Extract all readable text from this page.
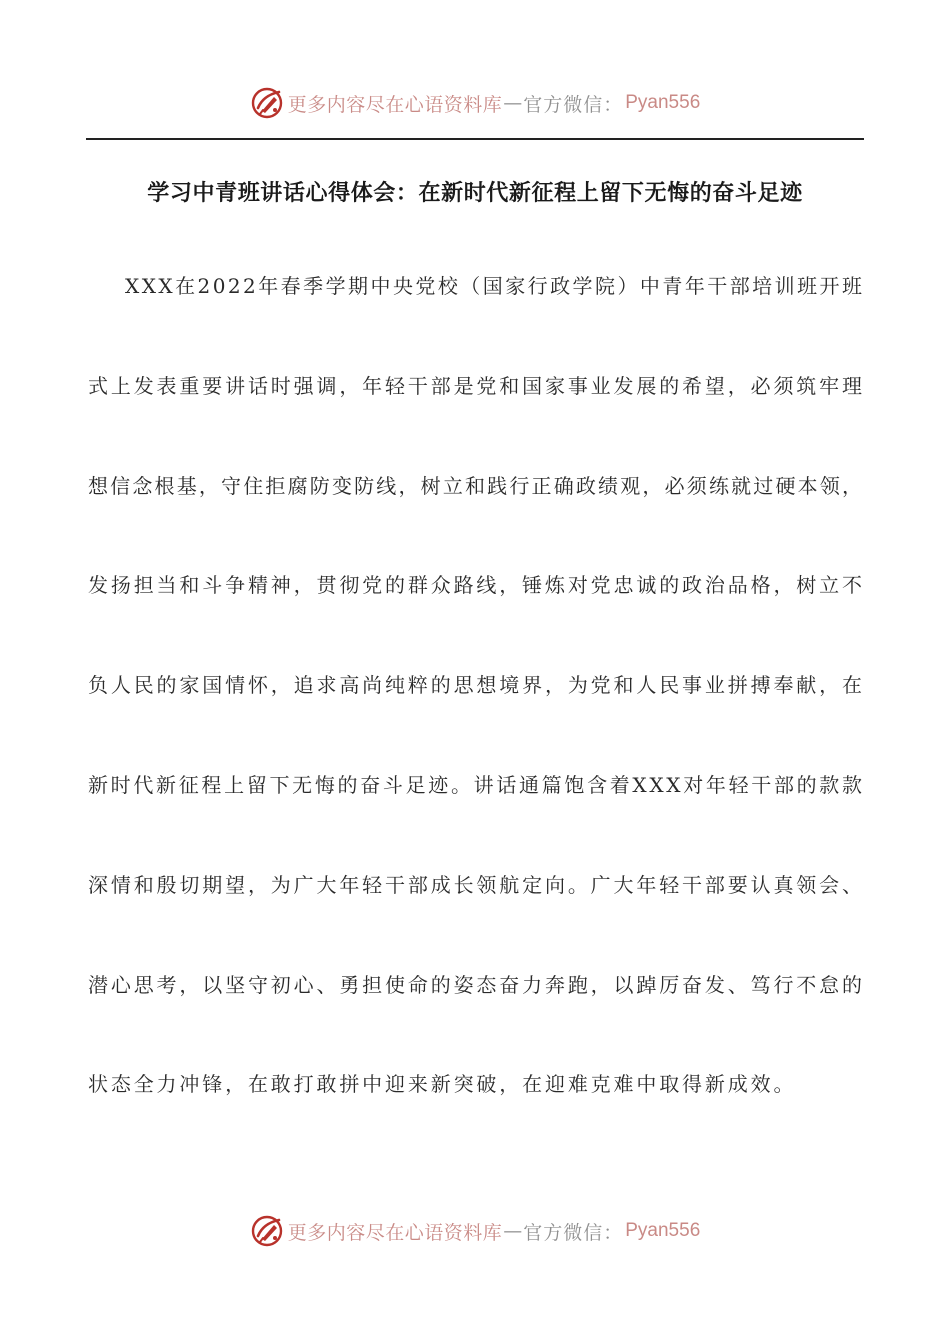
更多内容尽在心语资料库 — 官方微信： Pyan556
学习中青班讲话心得体会：在新时代新征程上留下无悔的奋斗足迹
XXX在2022年春季学期中央党校（国家行政学院）中青年干部培训班开班
式上发表重要讲话时强调，年轻干部是党和国家事业发展的希望，必须筑牢理
想信念根基，守住拒腐防变防线，树立和践行正确政绩观，必须练就过硬本领，
发扬担当和斗争精神，贯彻党的群众路线，锤炼对党忠诚的政治品格，树立不
负人民的家国情怀，追求高尚纯粹的思想境界，为党和人民事业拼搏奉献，在
新时代新征程上留下无悔的奋斗足迹。讲话通篇饱含着XXX对年轻干部的款款
深情和殷切期望，为广大年轻干部成长领航定向。广大年轻干部要认真领会、
潜心思考，以坚守初心、勇担使命的姿态奋力奔跑，以踔厉奋发、笃行不怠的
状态全力冲锋，在敢打敢拼中迎来新突破，在迎难克难中取得新成效。
更多内容尽在心语资料库 — 官方微信： Pyan556
